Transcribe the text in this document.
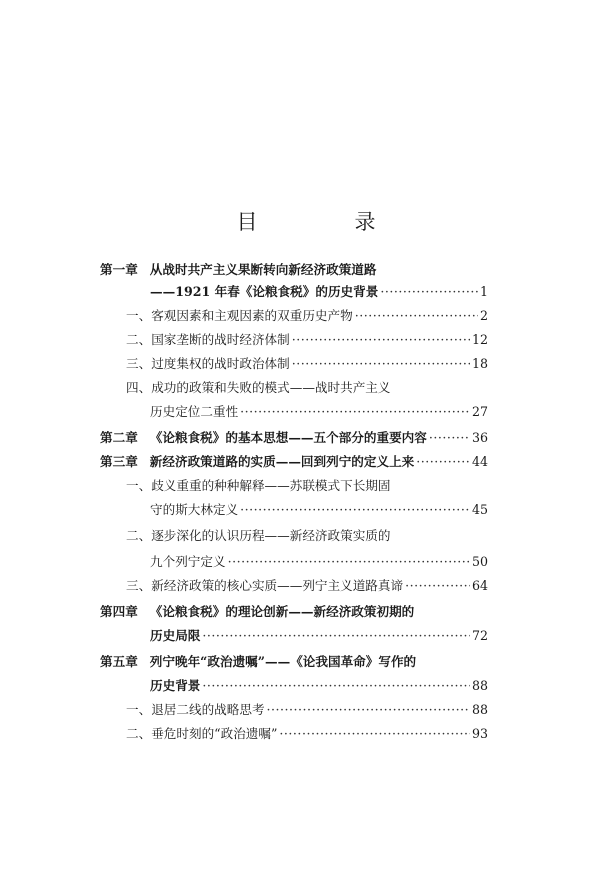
目　录
第一章 从战时共产主义果断转向新经济政策道路
——1921 年春《论粮食税》的历史背景 ·····	1
一、客观因素和主观因素的双重历史产物 ·····	2
二、国家垄断的战时经济体制 ·····	12
三、过度集权的战时政治体制 ·····	18
四、成功的政策和失败的模式——战时共产主义
历史定位二重性 ·····	27
第二章 《论粮食税》的基本思想——五个部分的重要内容 ·····	36
第三章 新经济政策道路的实质——回到列宁的定义上来 ·····	44
一、歧义重重的种种解释——苏联模式下长期固
守的斯大林定义 ·····	45
二、逐步深化的认识历程——新经济政策实质的
九个列宁定义 ·····	50
三、新经济政策的核心实质——列宁主义道路真谛 ·····	64
第四章 《论粮食税》的理论创新——新经济政策初期的
历史局限 ·····	72
第五章 列宁晚年“政治遗嘱”——《论我国革命》写作的
历史背景 ·····	88
一、退居二线的战略思考 ·····	88
二、垂危时刻的“政治遗嘱” ·····	93
